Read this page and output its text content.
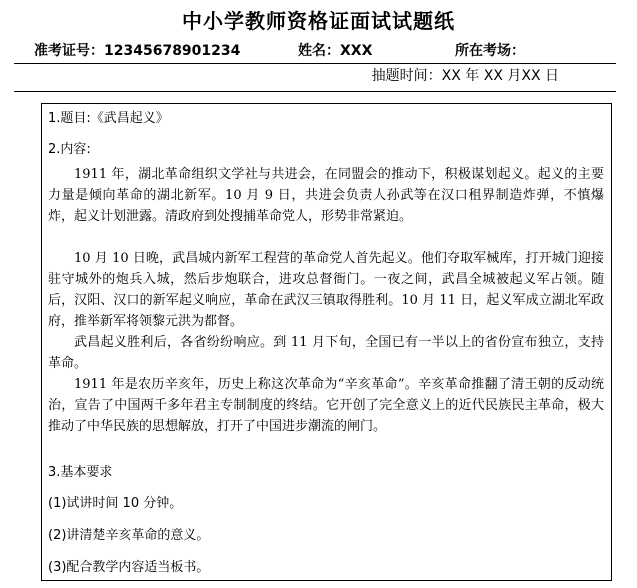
中小学教师资格证面试试题纸
准考证号：12345678901234	姓名：XXX	所在考场：
抽题时间：XX 年 XX 月XX 日
1.题目:《武昌起义》
2.内容:
1911 年，湖北革命组织文学社与共进会，在同盟会的推动下，积极谋划起义。起义的主要力量是倾向革命的湖北新军。10 月 9 日，共进会负责人孙武等在汉口租界制造炸弹，不慎爆炸，起义计划泄露。清政府到处搜捕革命党人，形势非常紧迫。
10 月 10 日晚，武昌城内新军工程营的革命党人首先起义。他们夺取军械库，打开城门迎接驻守城外的炮兵入城，然后步炮联合，进攻总督衙门。一夜之间，武昌全城被起义军占领。随后，汉阳、汉口的新军起义响应，革命在武汉三镇取得胜利。10 月 11 日，起义军成立湖北军政府，推举新军将领黎元洪为都督。
武昌起义胜利后，各省纷纷响应。到 11 月下旬，全国已有一半以上的省份宣布独立，支持革命。
1911 年是农历辛亥年，历史上称这次革命为“辛亥革命”。辛亥革命推翻了清王朝的反动统治，宣告了中国两千多年君主专制制度的终结。它开创了完全意义上的近代民族民主革命，极大推动了中华民族的思想解放，打开了中国进步潮流的闸门。
3.基本要求
(1)试讲时间 10 分钟。
(2)讲清楚辛亥革命的意义。
(3)配合教学内容适当板书。
